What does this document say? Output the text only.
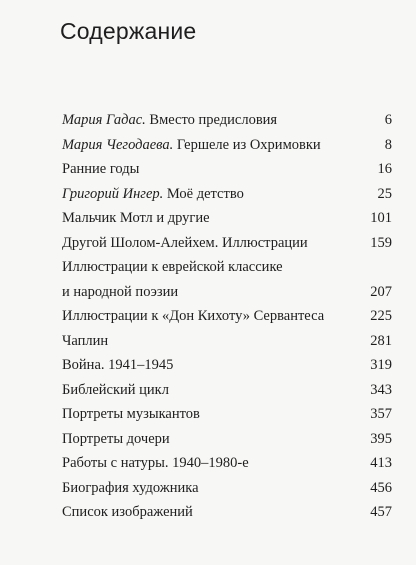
Содержание
Мария Гадас. Вместо предисловия	6
Мария Чегодаева. Гершеле из Охримовки	8
Ранние годы	16
Григорий Ингер. Моё детство	25
Мальчик Мотл и другие	101
Другой Шолом-Алейхем. Иллюстрации	159
Иллюстрации к еврейской классике
и народной поэзии	207
Иллюстрации к «Дон Кихоту» Сервантеса	225
Чаплин	281
Война. 1941–1945	319
Библейский цикл	343
Портреты музыкантов	357
Портреты дочери	395
Работы с натуры. 1940–1980-е	413
Биография художника	456
Список изображений	457
